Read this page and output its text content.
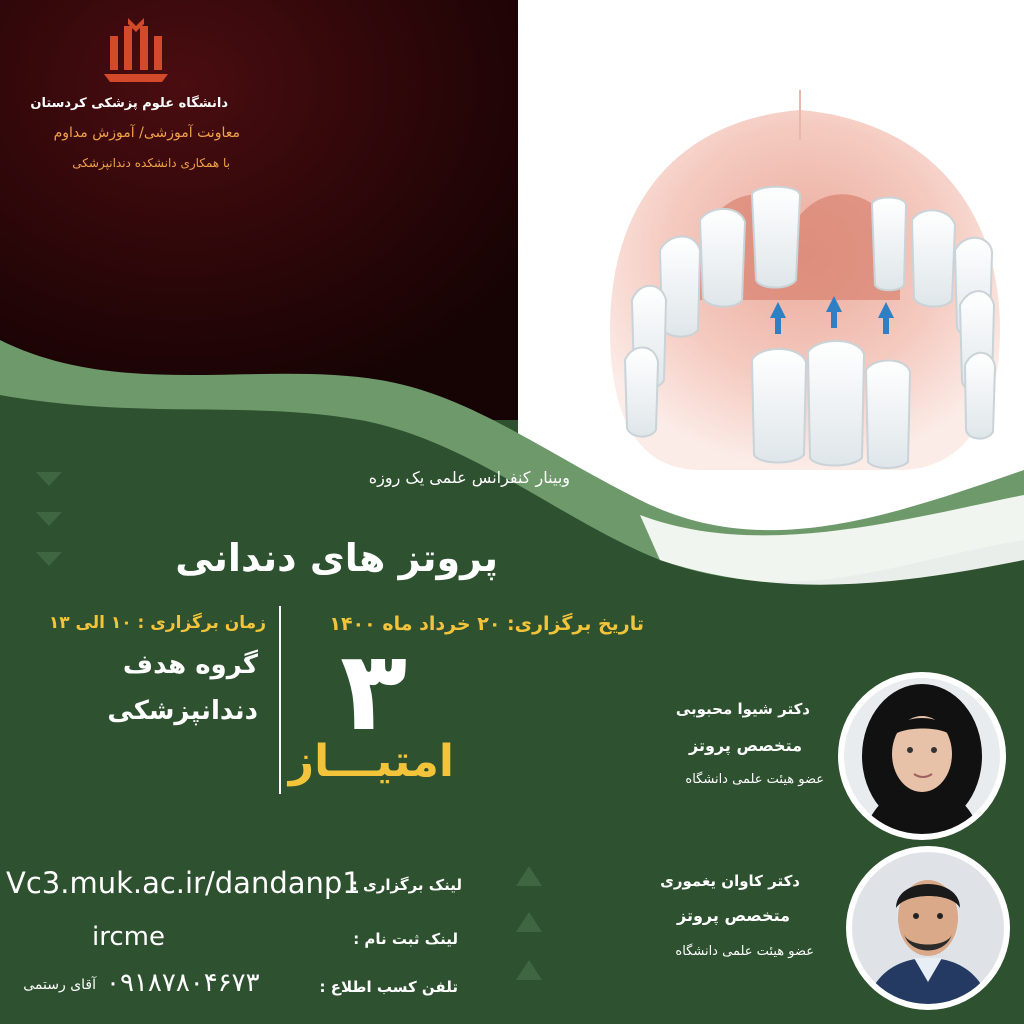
دانشگاه علوم پزشکی کردستان
معاونت آموزشی/ آموزش مداوم
با همکاری دانشکده دندانپزشکی
وبینار کنفرانس علمی یک روزه
پروتز های دندانی
تاریخ برگزاری: ۲۰ خرداد ماه ۱۴۰۰
زمان برگزاری : ۱۰ الی ۱۳
گروه هدف
دندانپزشکی ۳
امتیـــاز
دکتر شیوا محبوبی
متخصص پروتز
عضو هیئت علمی دانشگاه
دکتر کاوان یغموری
متخصص پروتز
عضو هیئت علمی دانشگاه
لینک برگزاری :
Vc3.muk.ac.ir/dandanp1
لینک ثبت نام :
ircme
تلفن کسب اطلاع :
۰۹۱۸۷۸۰۴۶۷۳
آقای رستمی
